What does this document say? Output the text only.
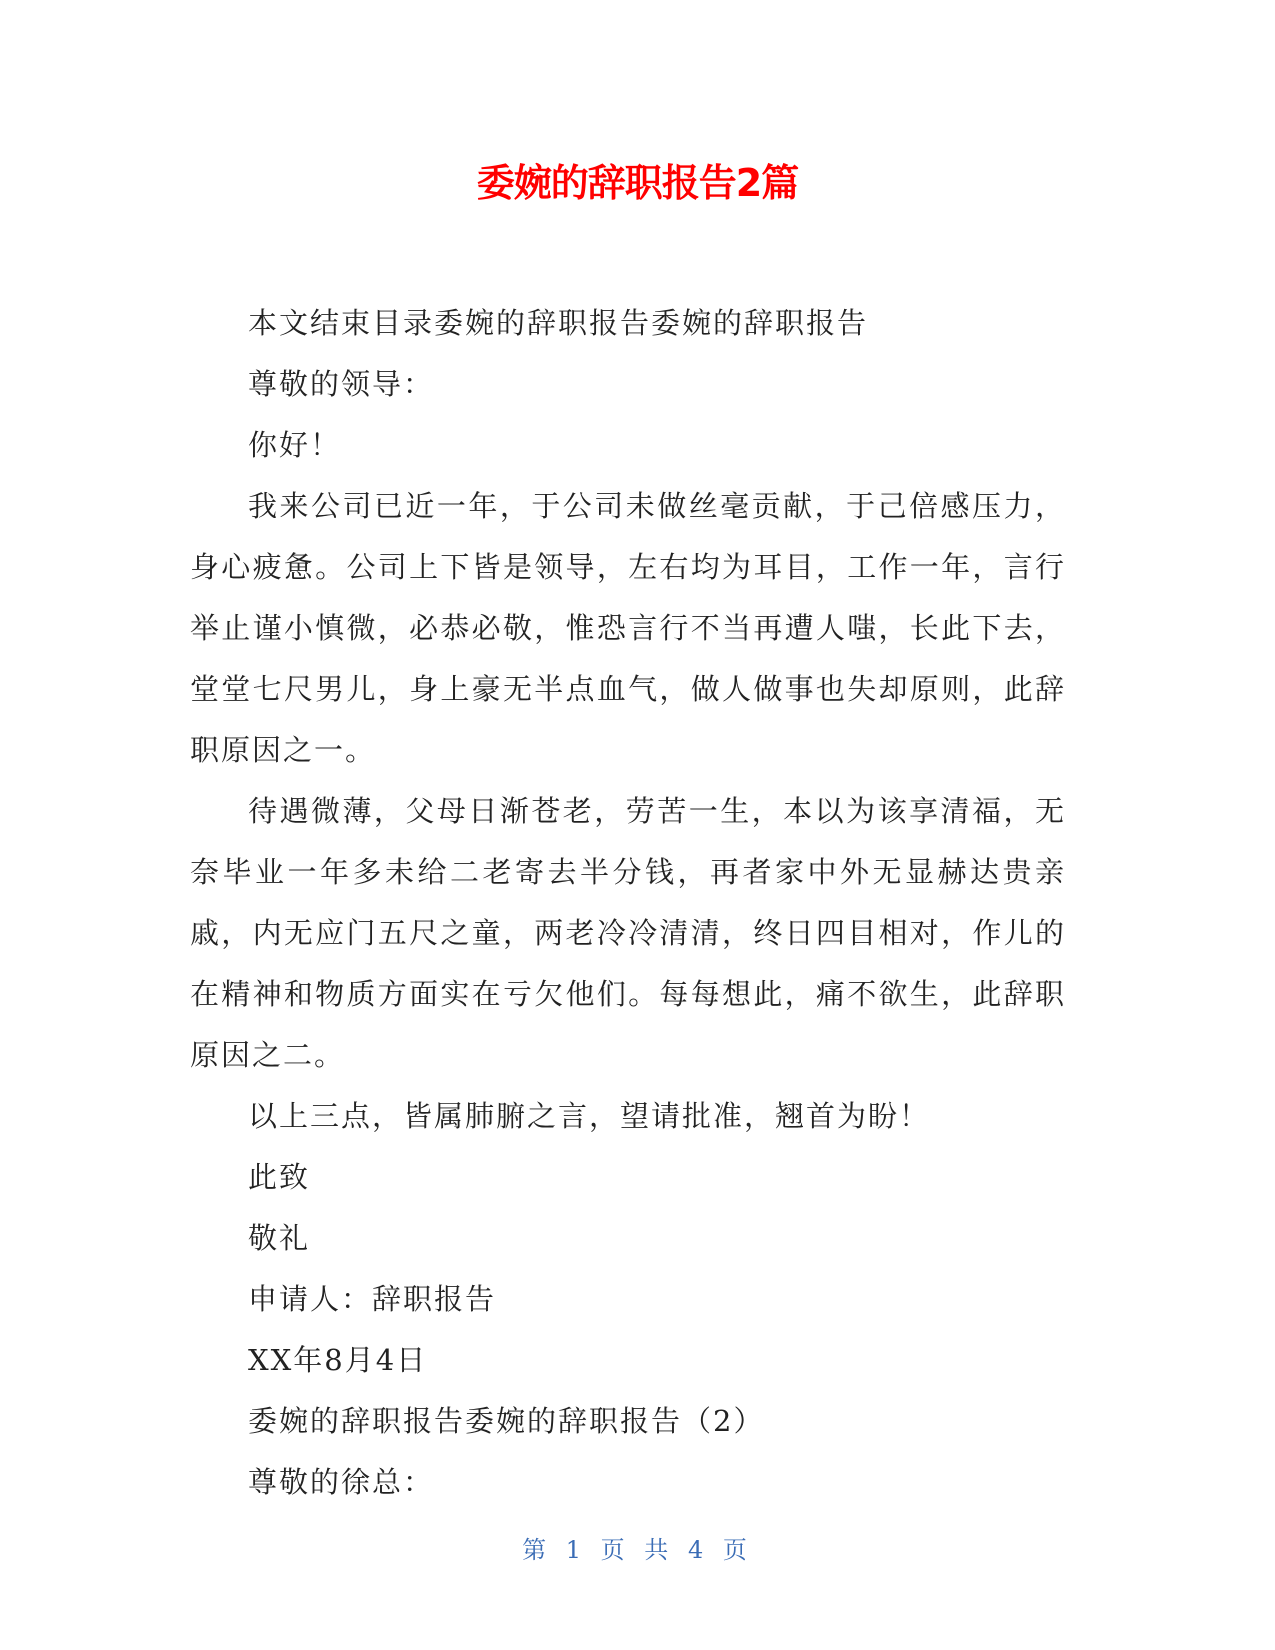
委婉的辞职报告2篇

本文结束目录委婉的辞职报告委婉的辞职报告

尊敬的领导：

你好！

我来公司已近一年，于公司未做丝毫贡献，于己倍感压力，身心疲惫。公司上下皆是领导，左右均为耳目，工作一年，言行举止谨小慎微，必恭必敬，惟恐言行不当再遭人嗤，长此下去，堂堂七尺男儿，身上豪无半点血气，做人做事也失却原则，此辞职原因之一。

待遇微薄，父母日渐苍老，劳苦一生，本以为该享清福，无奈毕业一年多未给二老寄去半分钱，再者家中外无显赫达贵亲戚，内无应门五尺之童，两老冷冷清清，终日四目相对，作儿的在精神和物质方面实在亏欠他们。每每想此，痛不欲生，此辞职原因之二。

以上三点，皆属肺腑之言，望请批准，翘首为盼！

此致

敬礼

申请人：辞职报告

XX年8月4日

委婉的辞职报告委婉的辞职报告（2）

尊敬的徐总：

第 1 页 共 4 页
